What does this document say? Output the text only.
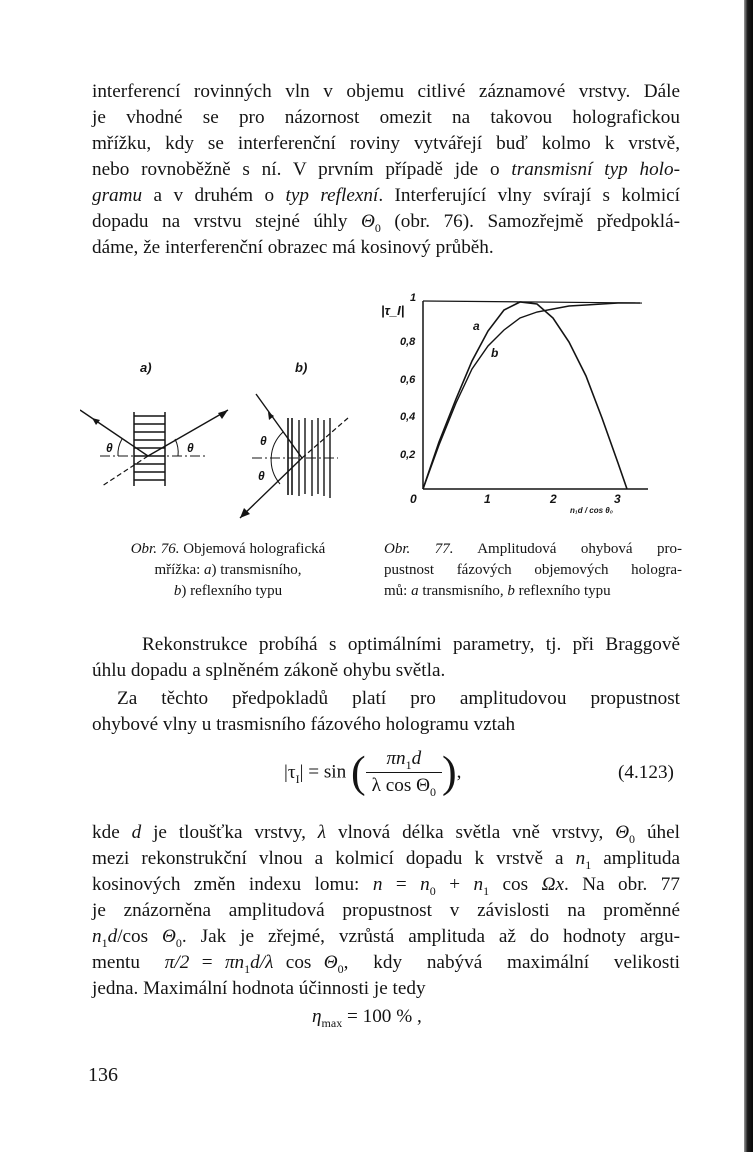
interferencí rovinných vln v objemu citlivé záznamové vrstvy. Dále
je vhodné se pro názornost omezit na takovou holografickou
mřížku, kdy se interferenční roviny vytvářejí buď kolmo k vrstvě,
nebo rovnoběžně s ní. V prvním případě jde o transmisní typ holo-
gramu a v druhém o typ reflexní. Interferující vlny svírají s kolmicí
dopadu na vrstvu stejné úhly $\Theta_0$ (obr. 76). Samozřejmě předpoklá-
dáme, že interferenční obrazec má kosinový průběh.

a)	b)
θ	θ	θ
θ
1
|τ_I|
0,8
0,6
0,4
0,2
0	1	2	3
n₁d / cos θ₀
a
b

Obr. 76. Objemová holografická
mřížka: a) transmisního,
b) reflexního typu

Obr. 77. Amplitudová ohybová pro-
pustnost fázových objemových hologra-
mů: a transmisního, b reflexního typu

Rekonstrukce probíhá s optimálními parametry, tj. při Braggově
úhlu dopadu a splněném zákoně ohybu světla.

Za těchto předpokladů platí pro amplitudovou propustnost
ohybové vlny u trasmisního fázového hologramu vztah

$|\tau_I| = \sin$ ( $\frac{\pi n_1d}{\lambda \cos \Theta_0}$ ),	(4.123)

kde d je tloušťka vrstvy, λ vlnová délka světla vně vrstvy, $\Theta_0$ úhel
mezi rekonstrukční vlnou a kolmicí dopadu k vrstvě a $n_1$ amplituda
kosinových změn indexu lomu: $n = n_0 + n_1$ cos Ωx. Na obr. 77
je znázorněna amplitudová propustnost v závislosti na proměnné
$n_1d/\cos$ $\Theta_0$. Jak je zřejmé, vzrůstá amplituda až do hodnoty argu-
mentu  $\pi/2 = \pi n_1d/\lambda$ $\cos \Theta_0$,  kdy  nabývá  maximální  velikosti
jedna. Maximální hodnota účinnosti je tedy

$\eta_{max} = 100$ % ,
136
